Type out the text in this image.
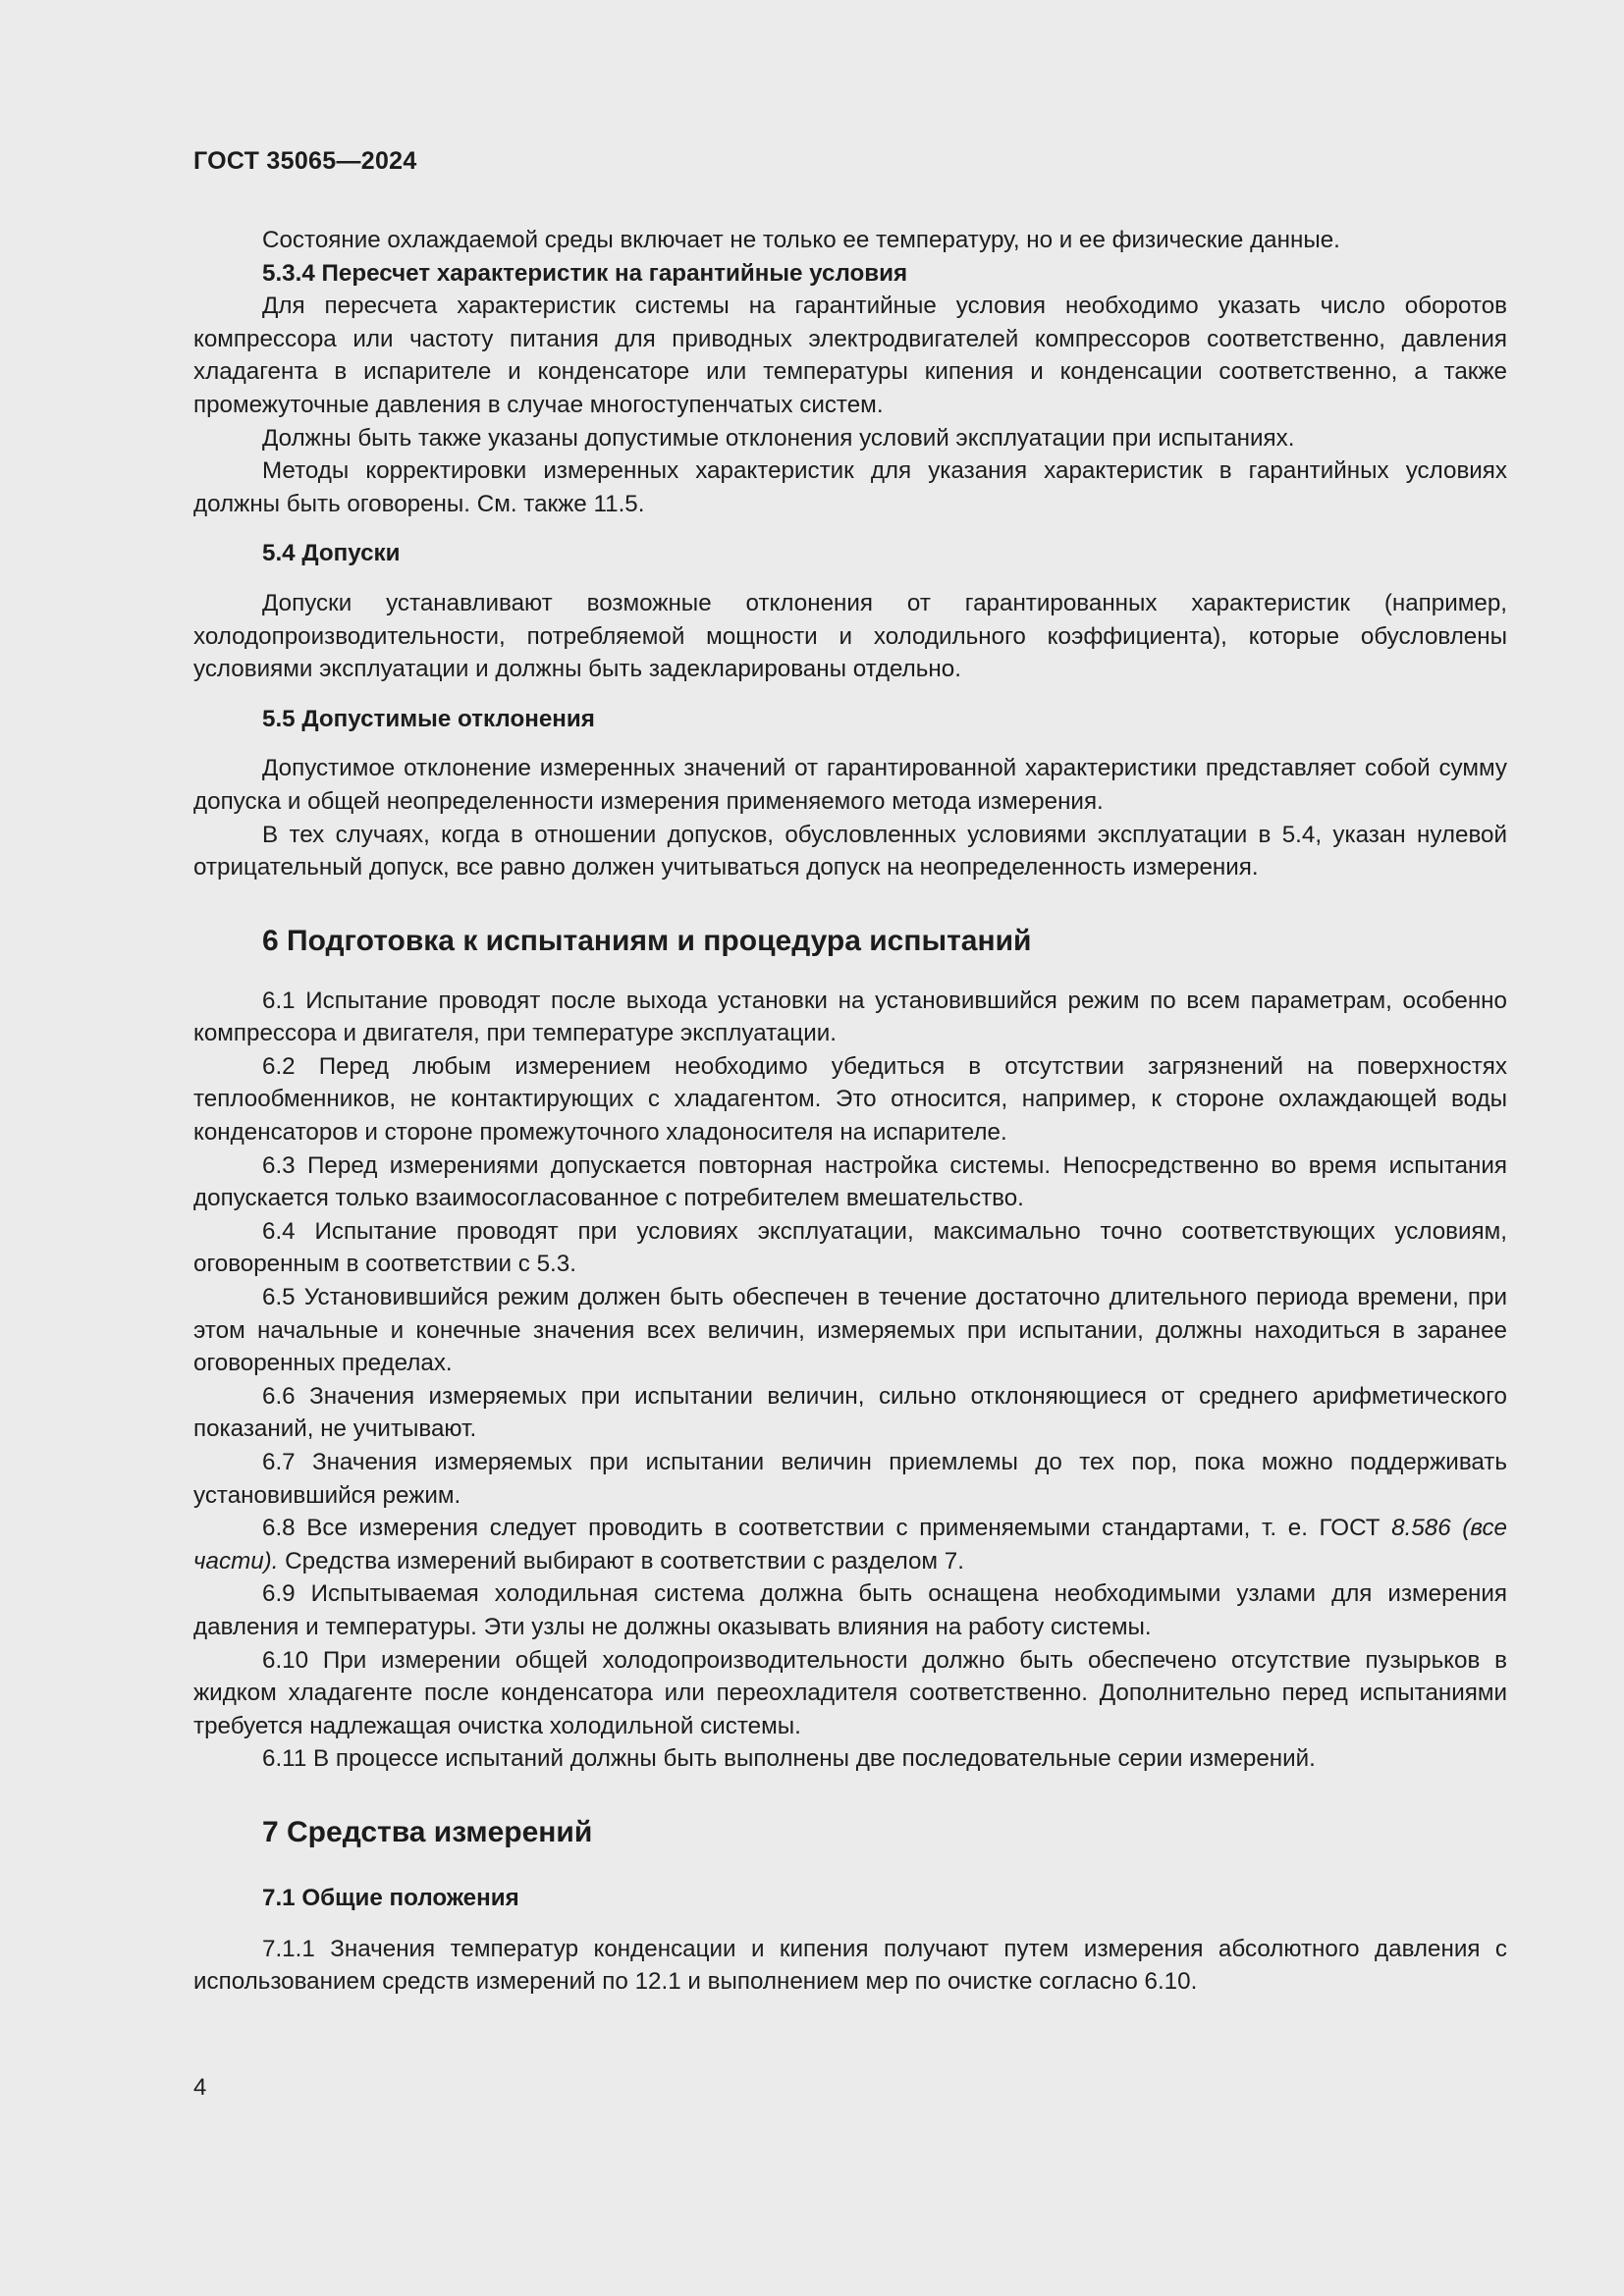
ГОСТ 35065—2024

Состояние охлаждаемой среды включает не только ее температуру, но и ее физические данные.

5.3.4 Пересчет характеристик на гарантийные условия

Для пересчета характеристик системы на гарантийные условия необходимо указать число оборотов компрессора или частоту питания для приводных электродвигателей компрессоров соответственно, давления хладагента в испарителе и конденсаторе или температуры кипения и конденсации соответственно, а также промежуточные давления в случае многоступенчатых систем.

Должны быть также указаны допустимые отклонения условий эксплуатации при испытаниях.

Методы корректировки измеренных характеристик для указания характеристик в гарантийных условиях должны быть оговорены. См. также 11.5.

5.4 Допуски

Допуски устанавливают возможные отклонения от гарантированных характеристик (например, холодопроизводительности, потребляемой мощности и холодильного коэффициента), которые обусловлены условиями эксплуатации и должны быть задекларированы отдельно.

5.5 Допустимые отклонения

Допустимое отклонение измеренных значений от гарантированной характеристики представляет собой сумму допуска и общей неопределенности измерения применяемого метода измерения.

В тех случаях, когда в отношении допусков, обусловленных условиями эксплуатации в 5.4, указан нулевой отрицательный допуск, все равно должен учитываться допуск на неопределенность измерения.

6 Подготовка к испытаниям и процедура испытаний

6.1 Испытание проводят после выхода установки на установившийся режим по всем параметрам, особенно компрессора и двигателя, при температуре эксплуатации.

6.2 Перед любым измерением необходимо убедиться в отсутствии загрязнений на поверхностях теплообменников, не контактирующих с хладагентом. Это относится, например, к стороне охлаждающей воды конденсаторов и стороне промежуточного хладоносителя на испарителе.

6.3 Перед измерениями допускается повторная настройка системы. Непосредственно во время испытания допускается только взаимосогласованное с потребителем вмешательство.

6.4 Испытание проводят при условиях эксплуатации, максимально точно соответствующих условиям, оговоренным в соответствии с 5.3.

6.5 Установившийся режим должен быть обеспечен в течение достаточно длительного периода времени, при этом начальные и конечные значения всех величин, измеряемых при испытании, должны находиться в заранее оговоренных пределах.

6.6 Значения измеряемых при испытании величин, сильно отклоняющиеся от среднего арифметического показаний, не учитывают.

6.7 Значения измеряемых при испытании величин приемлемы до тех пор, пока можно поддерживать установившийся режим.

6.8 Все измерения следует проводить в соответствии с применяемыми стандартами, т. е. ГОСТ 8.586 (все части). Средства измерений выбирают в соответствии с разделом 7.

6.9 Испытываемая холодильная система должна быть оснащена необходимыми узлами для измерения давления и температуры. Эти узлы не должны оказывать влияния на работу системы.

6.10 При измерении общей холодопроизводительности должно быть обеспечено отсутствие пузырьков в жидком хладагенте после конденсатора или переохладителя соответственно. Дополнительно перед испытаниями требуется надлежащая очистка холодильной системы.

6.11 В процессе испытаний должны быть выполнены две последовательные серии измерений.

7 Средства измерений
7.1 Общие положения

7.1.1 Значения температур конденсации и кипения получают путем измерения абсолютного давления с использованием средств измерений по 12.1 и выполнением мер по очистке согласно 6.10.

4
